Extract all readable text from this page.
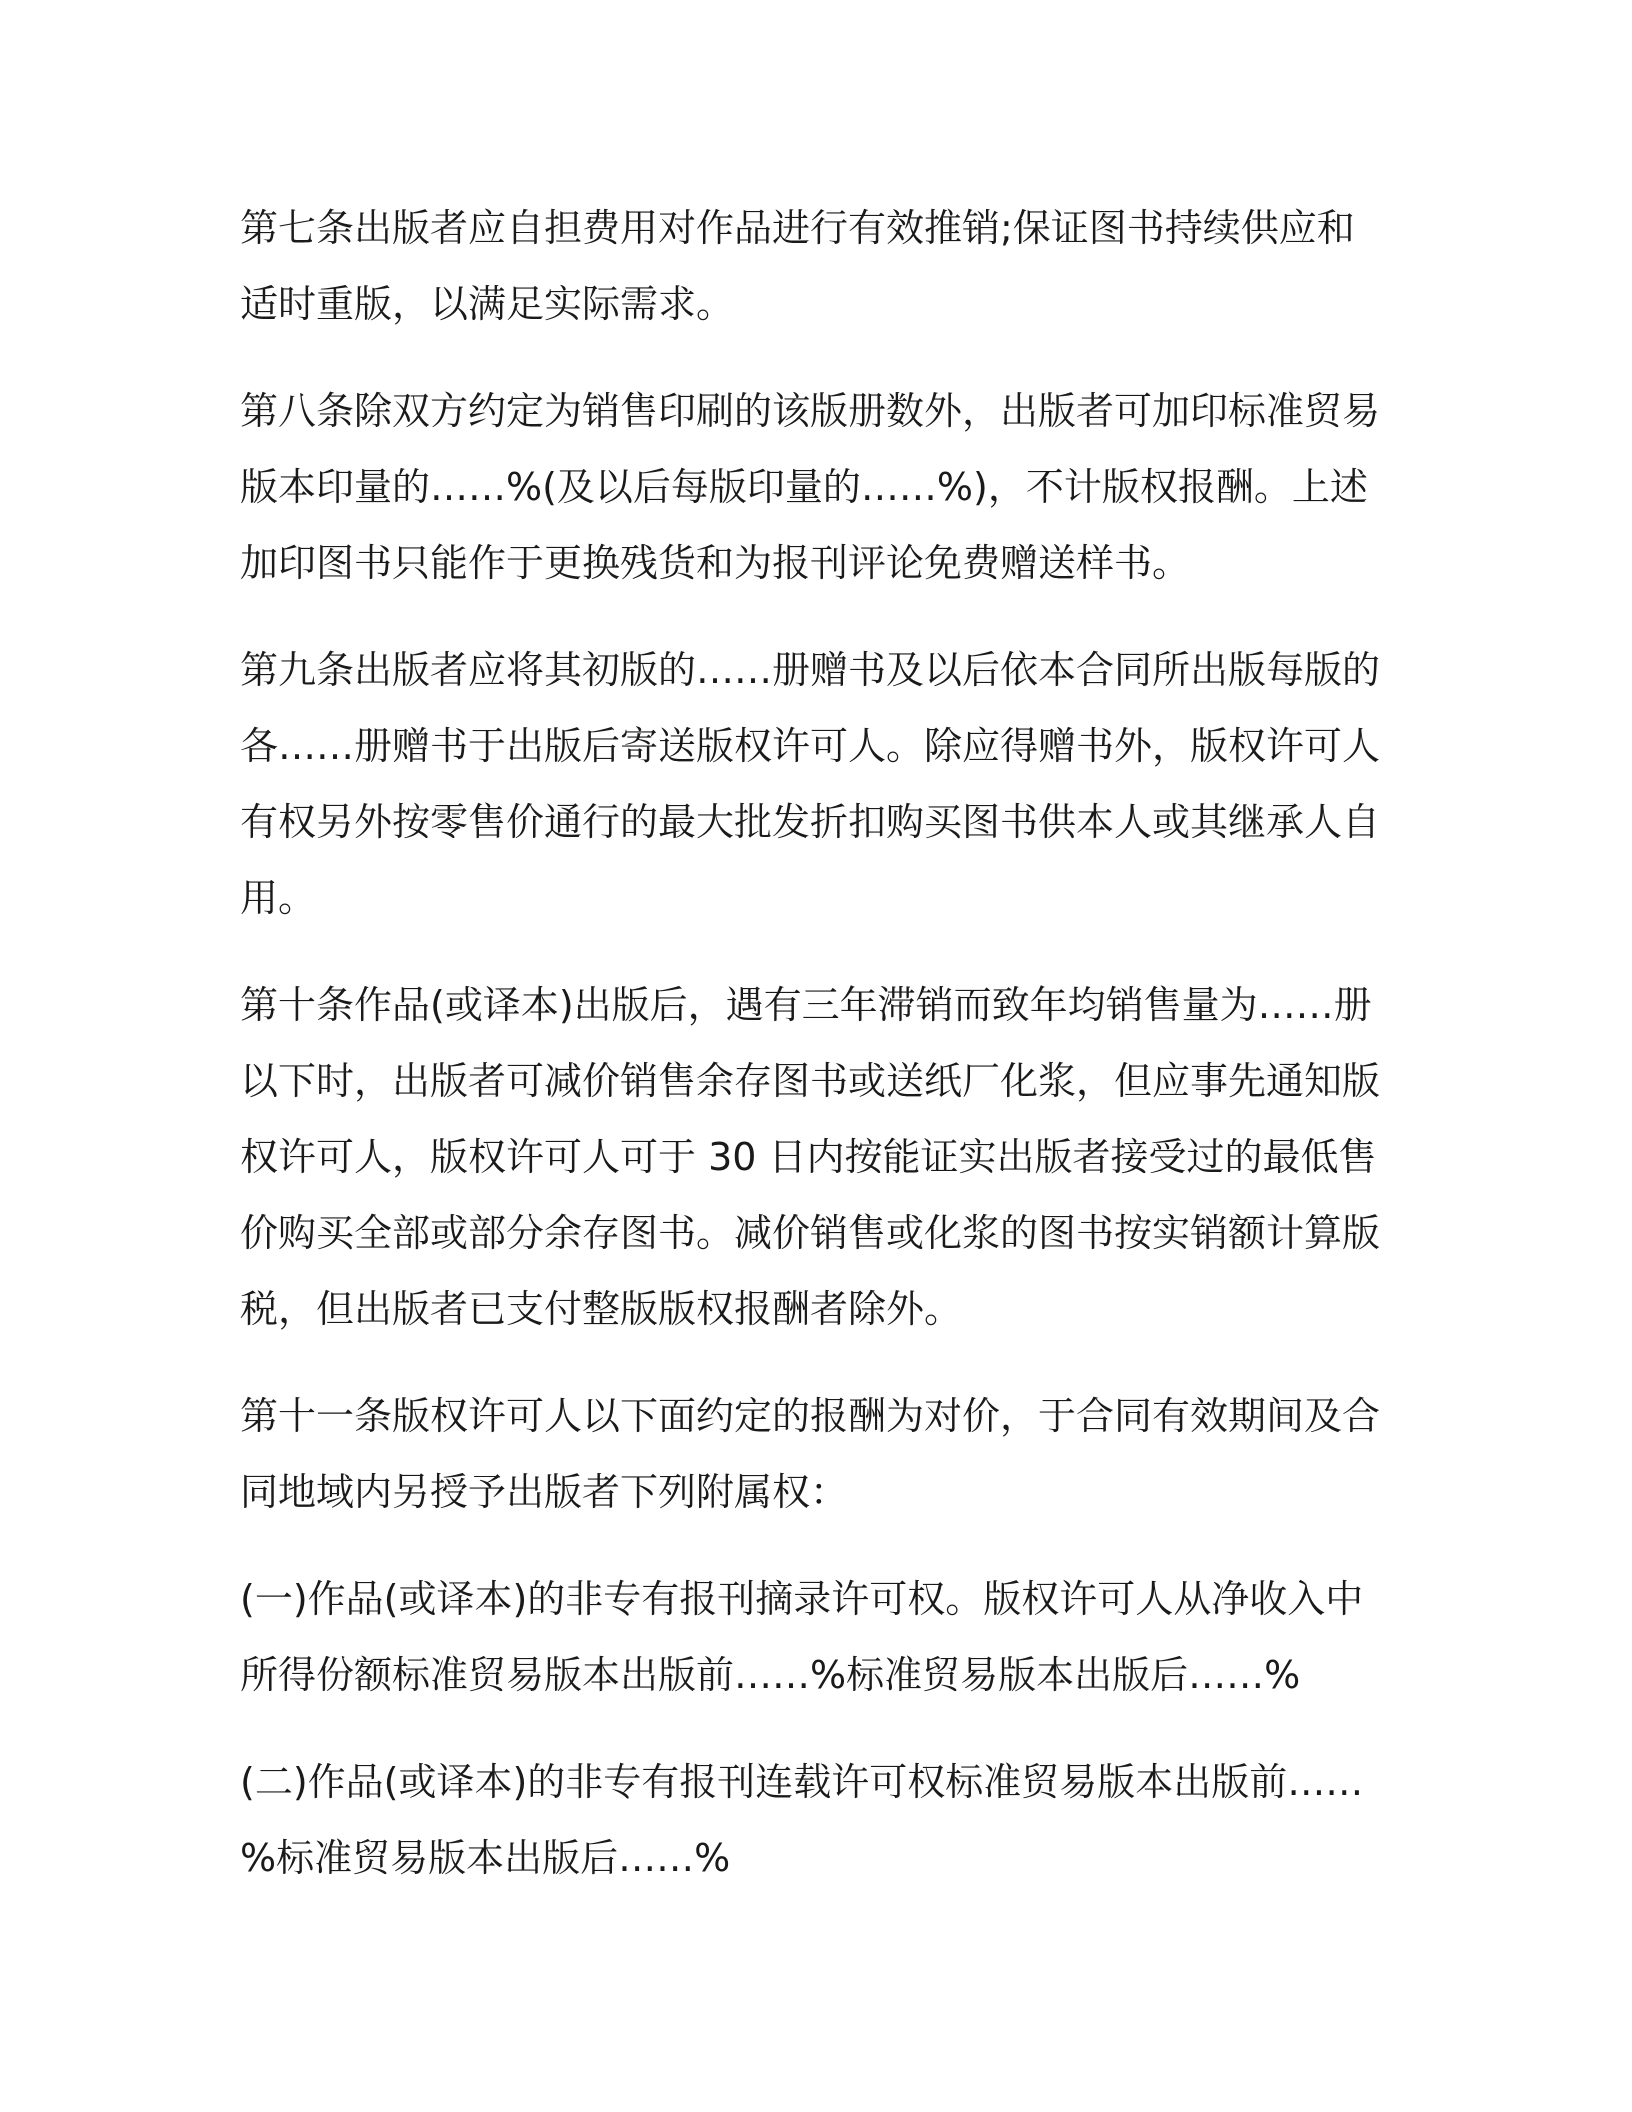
第七条出版者应自担费用对作品进行有效推销;保证图书持续供应和适时重版，以满足实际需求。

第八条除双方约定为销售印刷的该版册数外，出版者可加印标准贸易版本印量的……%(及以后每版印量的……%)，不计版权报酬。上述加印图书只能作于更换残货和为报刊评论免费赠送样书。

第九条出版者应将其初版的……册赠书及以后依本合同所出版每版的各……册赠书于出版后寄送版权许可人。除应得赠书外，版权许可人有权另外按零售价通行的最大批发折扣购买图书供本人或其继承人自用。

第十条作品(或译本)出版后，遇有三年滞销而致年均销售量为……册以下时，出版者可减价销售余存图书或送纸厂化浆，但应事先通知版权许可人，版权许可人可于 30 日内按能证实出版者接受过的最低售价购买全部或部分余存图书。减价销售或化浆的图书按实销额计算版税，但出版者已支付整版版权报酬者除外。

第十一条版权许可人以下面约定的报酬为对价，于合同有效期间及合同地域内另授予出版者下列附属权：

(一)作品(或译本)的非专有报刊摘录许可权。版权许可人从净收入中所得份额标准贸易版本出版前……%标准贸易版本出版后……%

(二)作品(或译本)的非专有报刊连载许可权标准贸易版本出版前……%标准贸易版本出版后……%
